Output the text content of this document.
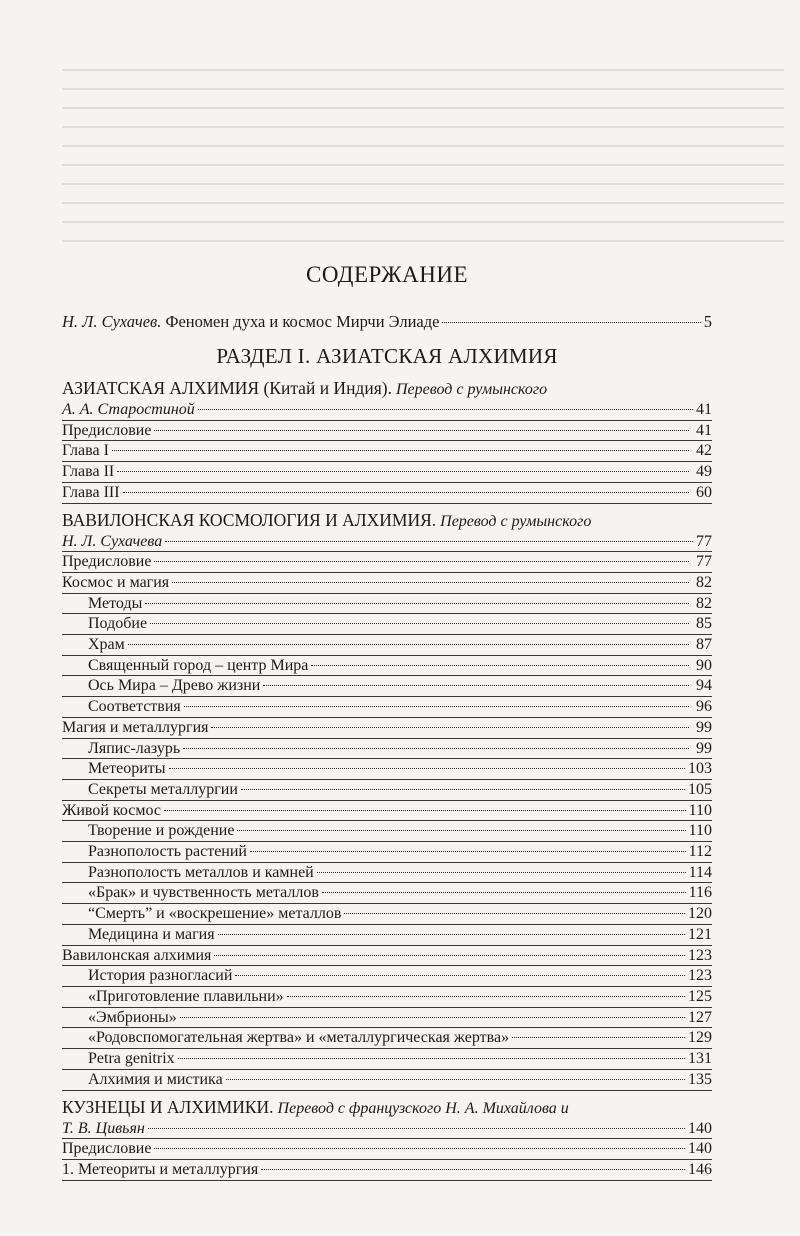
СОДЕРЖАНИЕ
Н. Л. Сухачев. Феномен духа и космос Мирчи Элиаде	5
РАЗДЕЛ I. АЗИАТСКАЯ АЛХИМИЯ
АЗИАТСКАЯ АЛХИМИЯ (Китай и Индия). Перевод с румынского
А. А. Старостиной	41
Предисловие	41
Глава I	42
Глава II	49
Глава III	60
ВАВИЛОНСКАЯ КОСМОЛОГИЯ И АЛХИМИЯ. Перевод с румынского
Н. Л. Сухачева	77
Предисловие	77
Космос и магия	82
Методы	82
Подобие	85
Храм	87
Священный город – центр Мира	90
Ось Мира – Древо жизни	94
Соответствия	96
Магия и металлургия	99
Ляпис-лазурь	99
Метеориты	103
Секреты металлургии	105
Живой космос	110
Творение и рождение	110
Разнополость растений	112
Разнополость металлов и камней	114
«Брак» и чувственность металлов	116
“Смерть” и «воскрешение» металлов	120
Медицина и магия	121
Вавилонская алхимия	123
История разногласий	123
«Приготовление плавильни»	125
«Эмбрионы»	127
«Родовспомогательная жертва» и «металлургическая жертва»	129
Petra genitrix	131
Алхимия и мистика	135
КУЗНЕЦЫ И АЛХИМИКИ. Перевод с французского Н. А. Михайлова и
Т. В. Цивьян	140
Предисловие	140
1. Метеориты и металлургия	146
